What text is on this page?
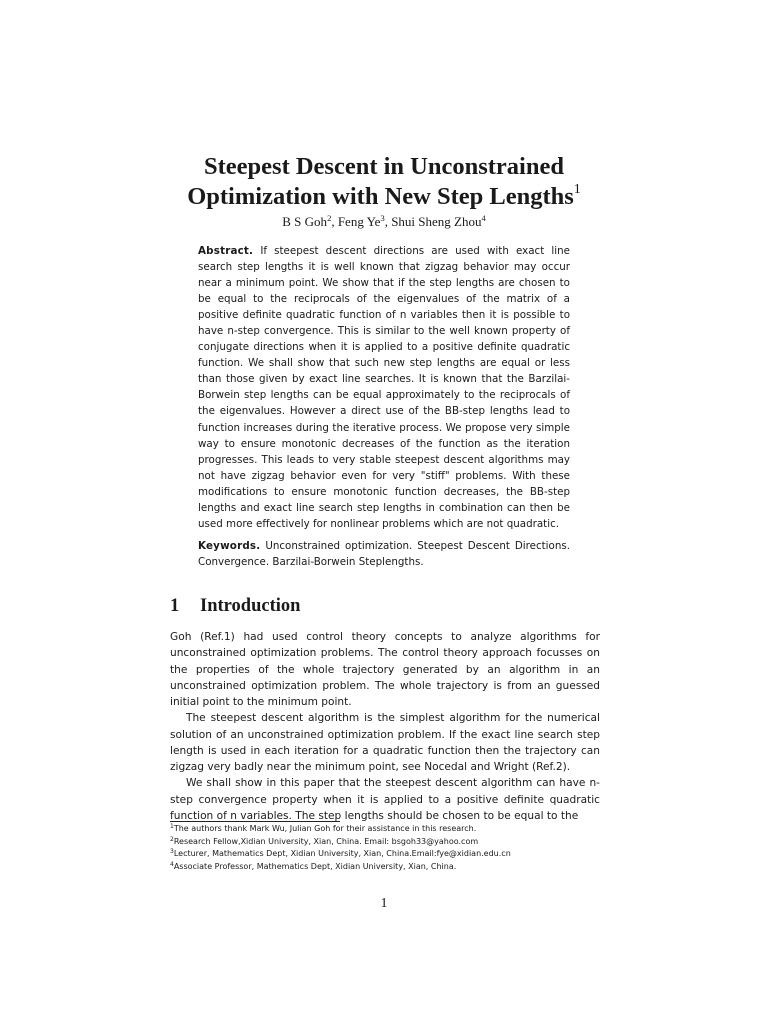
Steepest Descent in Unconstrained
Optimization with New Step Lengths$^1$
B S Goh$^2$, Feng Ye$^3$, Shui Sheng Zhou$^4$

Abstract. If steepest descent directions are used with exact line search step lengths it is well known that zigzag behavior may occur near a minimum point. We show that if the step lengths are chosen to be equal to the reciprocals of the eigenvalues of the matrix of a positive definite quadratic function of n variables then it is possible to have n-step convergence. This is similar to the well known property of conjugate directions when it is applied to a positive definite quadratic function. We shall show that such new step lengths are equal or less than those given by exact line searches. It is known that the Barzilai-Borwein step lengths can be equal approximately to the reciprocals of the eigenvalues. However a direct use of the BB-step lengths lead to function increases during the iterative process. We propose very simple way to ensure monotonic decreases of the function as the iteration progresses. This leads to very stable steepest descent algorithms may not have zigzag behavior even for very "stiff" problems. With these modifications to ensure monotonic function decreases, the BB-step lengths and exact line search step lengths in combination can then be used more effectively for nonlinear problems which are not quadratic.

Keywords. Unconstrained optimization. Steepest Descent Directions. Convergence. Barzilai-Borwein Steplengths.

1 Introduction

Goh (Ref.1) had used control theory concepts to analyze algorithms for unconstrained optimization problems. The control theory approach focusses on the properties of the whole trajectory generated by an algorithm in an unconstrained optimization problem. The whole trajectory is from an guessed initial point to the minimum point.

The steepest descent algorithm is the simplest algorithm for the numerical solution of an unconstrained optimization problem. If the exact line search step length is used in each iteration for a quadratic function then the trajectory can zigzag very badly near the minimum point, see Nocedal and Wright (Ref.2).

We shall show in this paper that the steepest descent algorithm can have n-step convergence property when it is applied to a positive definite quadratic function of n variables. The step lengths should be chosen to be equal to the

$^1$The authors thank Mark Wu, Julian Goh for their assistance in this research.
$^2$Research Fellow,Xidian University, Xian, China. Email: bsgoh33@yahoo.com
$^3$Lecturer, Mathematics Dept, Xidian University, Xian, China.Email:fye@xidian.edu.cn
$^4$Associate Professor, Mathematics Dept, Xidian University, Xian, China.
1
